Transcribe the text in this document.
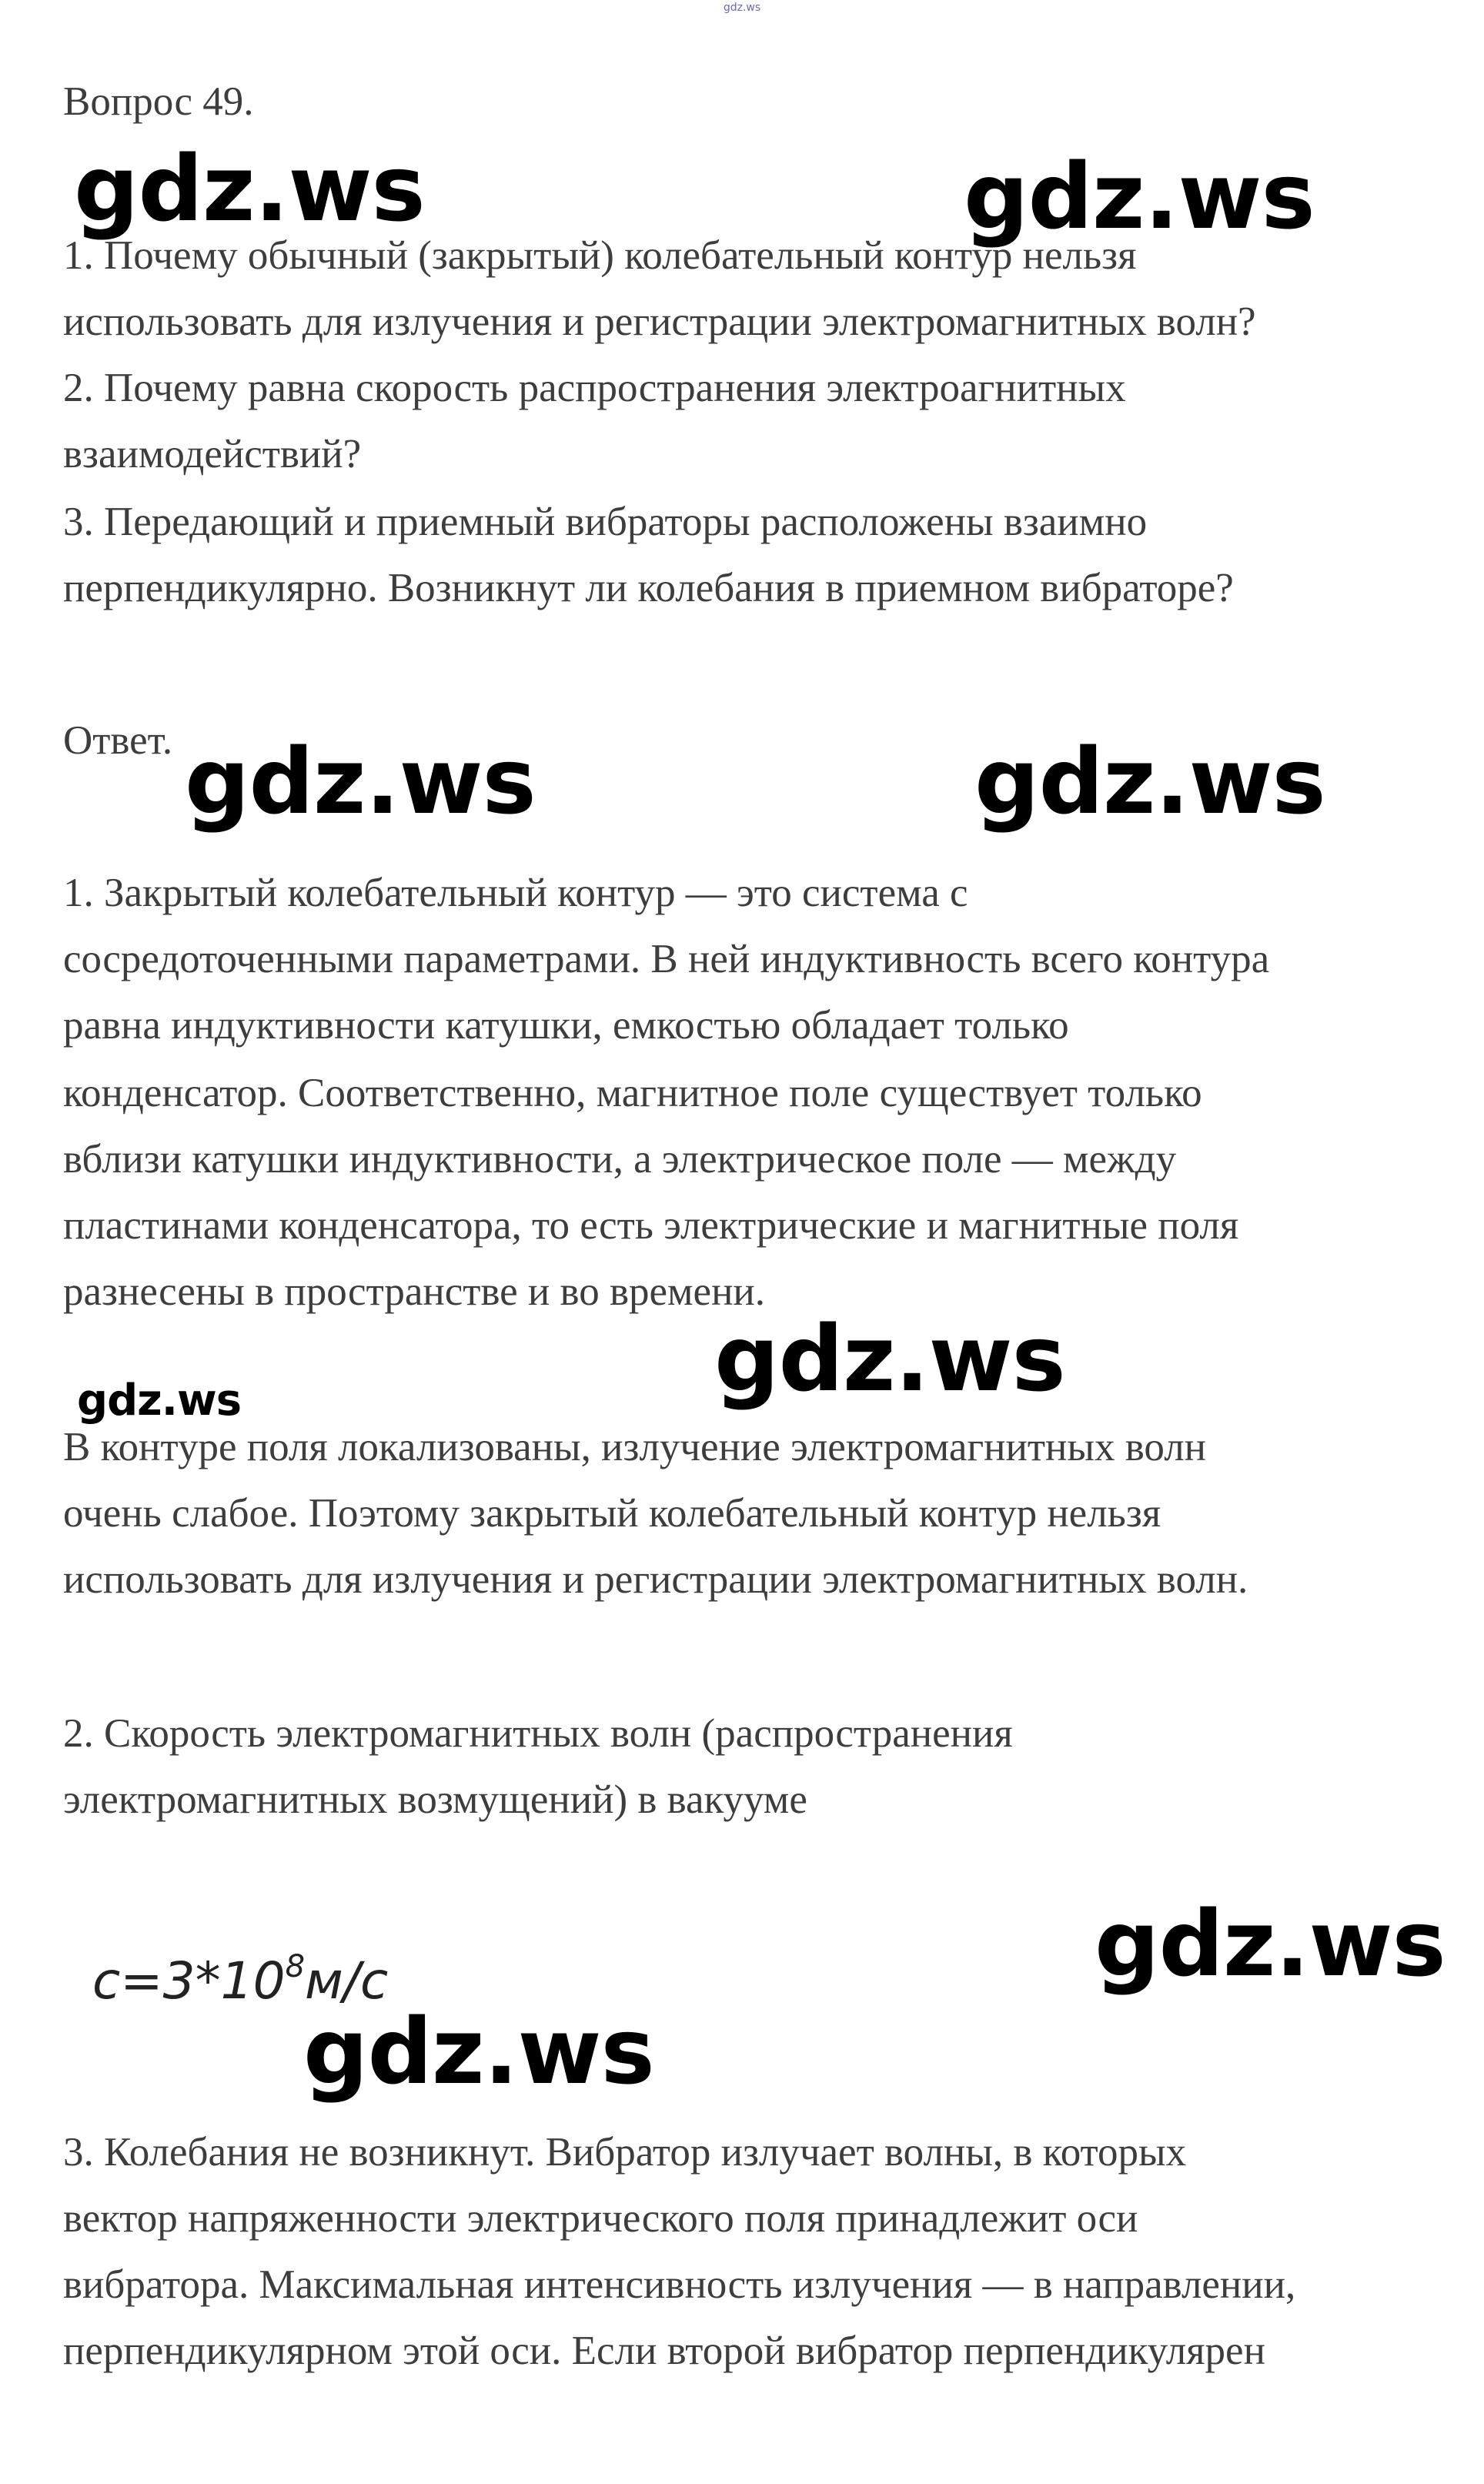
gdz.ws
Вопрос 49.
1. Почему обычный (закрытый) колебательный контур нельзя
использовать для излучения и регистрации электромагнитных волн?
2. Почему равна скорость распространения электроагнитных
взаимодействий?
3. Передающий и приемный вибраторы расположены взаимно
перпендикулярно. Возникнут ли колебания в приемном вибраторе?
Ответ.
1. Закрытый колебательный контур — это система с
сосредоточенными параметрами. В ней индуктивность всего контура
равна индуктивности катушки, емкостью обладает только
конденсатор. Соответственно, магнитное поле существует только
вблизи катушки индуктивности, а электрическое поле — между
пластинами конденсатора, то есть электрические и магнитные поля
разнесены в пространстве и во времени.
В контуре поля локализованы, излучение электромагнитных волн
очень слабое. Поэтому закрытый колебательный контур нельзя
использовать для излучения и регистрации электромагнитных волн.
2. Скорость электромагнитных волн (распространения
электромагнитных возмущений) в вакууме
$c=3*10^8м/с$
3. Колебания не возникнут. Вибратор излучает волны, в которых
вектор напряженности электрического поля принадлежит оси
вибратора. Максимальная интенсивность излучения — в направлении,
перпендикулярном этой оси. Если второй вибратор перпендикулярен
gdz.ws	gdz.ws
gdz.ws	gdz.ws
gdz.ws
gdz.ws
gdz.ws
gdz.ws
